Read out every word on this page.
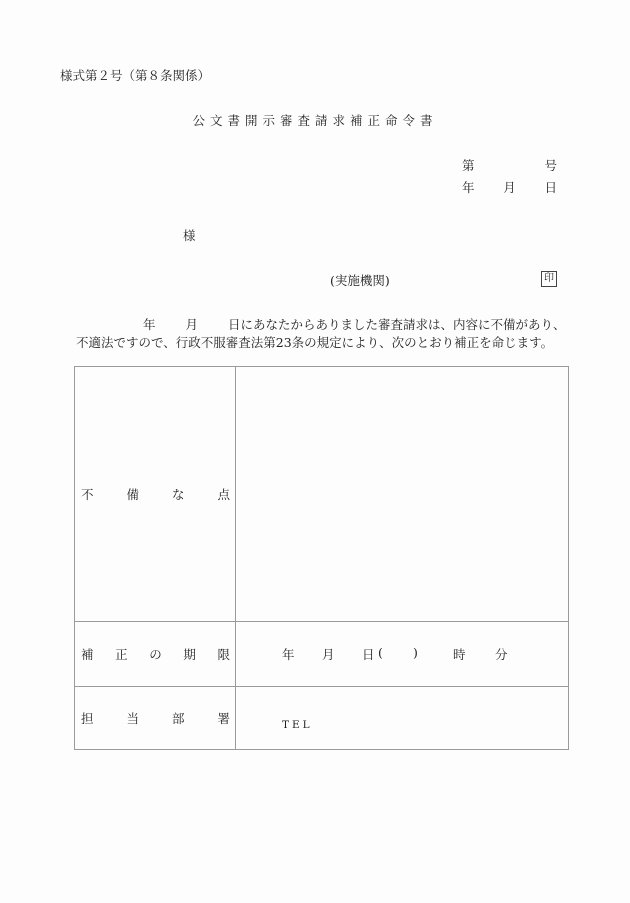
様式第２号（第８条関係）
公文書開示審査請求補正命令書
第	号
年 月 日
様
(実施機関)	印
年 月 日にあなたからありました審査請求は、内容に不備があり、
不適法ですので、行政不服審査法第23条の規定により、次のとおり補正を命じます。
不 備 な 点	

補 正 の 期 限	年	月	日 (	)	時	分

担 当 部 署	TEL
